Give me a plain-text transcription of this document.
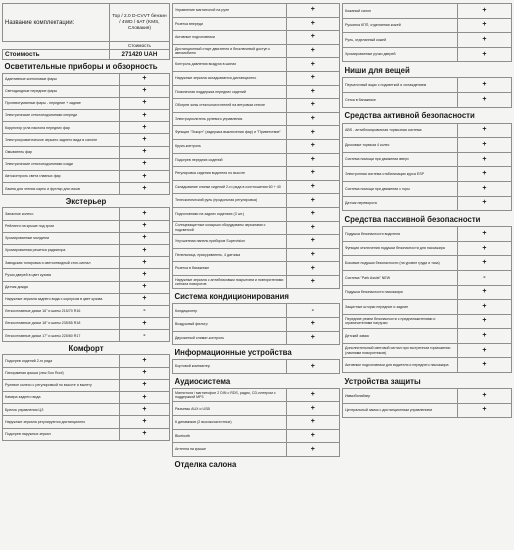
Название комплектации:	Top / 2.0 D-CVVT бензин / 4WD / 6AT (KMS, Словакия)
	Стоимость
Стоимость	271420 UAH
Осветительные приборы и обзорность	

Адаптивные ксеноновые фары	+
Светодиодные передние фары	+
Противотуманные фары - передние + задние	+
Электрические стеклоподъемники спереди	+
Корректор угла наклона передних фар	+
Электрохроматическое зеркало заднего вида в салоне	+
Омыватель фар	+
Электрические стеклоподъемники сзади	+
Автоконтроль света главных фар	+
Лампа для чтения карты и футляр для очков	+

Экстерьер	

Запасное колесо	+
Рейлинги на крыше под хром	+
Хромированные молдинги	+
Хромированная решетка радиатора	+
Заводская тонировка и светоотводный стоп-сигнал	+
Ручки дверей в цвет кузова	+
Датчик дождя	+
Наружные зеркала заднего вида с корпусом в цвет кузова	+
Легкосплавные диски 16" и шины 215/70 R16	-
Легкосплавные диски 18" и шины 235/55 R18	+
Легкосплавные диски 17" и шины 225/60 R17	-

Комфорт	

Подогрев сидений 2-го ряда	+
Панорамная крыша (люк Sun Roof)	+
Рулевое колесо с регулировкой по высоте и вылету	+
Камера заднего вида	+
Брелок управления ЦЗ	+
Наружные зеркала регулируются дистанционно	+
Подогрев наружных зеркал	+
Управление магнитолой на руле	+
Розетка впереди	+
Активные подголовники	+
Дистанционный старт двигателя и бесключевой доступ к автомобилю	+
Контроль давления воздуха в шинах	+
Наружные зеркала складываются дистанционно	+
Поясничная поддержка передних сидений	+
Обогрев зоны стеклоочистителей на ветровом стекле	+
Электроусилитель рулевого управления	+
Функция "Эскорт" (задержка выключения фар) и "Приветствие"	+
Круиз-контроль	+
Подогрев передних сидений	+
Регулировка сидения водителя по высоте	+
Складывание спинки сидений 2-го ряда в соотношении 60 + 40	+
Телескопический руль (продольная регулировка)	+
Подголовники на задних сидениях (3 шт.)	+
Солнцезащитные козырьки оборудованы зеркалами с подсветкой	+
Улучшенная панель приборов Supervision	+
Пепельница, прикуриватель, 4 датчика	+
Розетка в багажнике	+
Наружные зеркала с антибликовым покрытием и повторителями сигнала поворотов	+

Система кондиционирования	

Кондиционер	-
Воздушный фильтр	+
Двухзонный климат-контроль	+

Информационные устройства	

Бортовой компьютер	+

Аудиосистема	

Магнитола / магнитофон 2 DIN с RDS, радио, CD-плеером с поддержкой MP3	+
Разъемы AUX и USB	+
6 динамиков (2 высокочастотных)	+
Bluetooth	+
Антенна на крыше	+

Отделка салона	
Кожаный салон	+
Рукоятка КПП, отделанная кожей	+
Руль, отделанный кожей	+
Хромированные ручки дверей	+

Ниши для вещей	

Перчаточный ящик с подсветкой и охлаждением	+
Сетка в багажнике	+

Средства активной безопасности	

ABS - антиблокировочная тормозная система	+
Дисковые тормоза 4 колес	+
Система помощи при движении вверх	+
Электронная система стабилизации курса ESP	+
Система помощи при движении с горы	+
Датчик переворота	+

Средства пассивной безопасности	

Подушка безопасности водителя	+
Функция отключения подушки безопасности для пассажира	+
Боковые подушки безопасности (на уровне груди и таза)	+
Система "Park Assist" NEW	-
Подушка безопасности пассажира	+
Защитные шторки передние и задние	+
Передние ремни безопасности с преднатяжителями и ограничителями нагрузки	+
Детский замок	+
Дополнительный световой сигнал при экстренном торможении (лампами поворотников)	+
Активные подголовники для водителя и переднего пассажира	+

Устройства защиты	

Иммобилайзер	+
Центральный замок с дистанционным управлением	+
